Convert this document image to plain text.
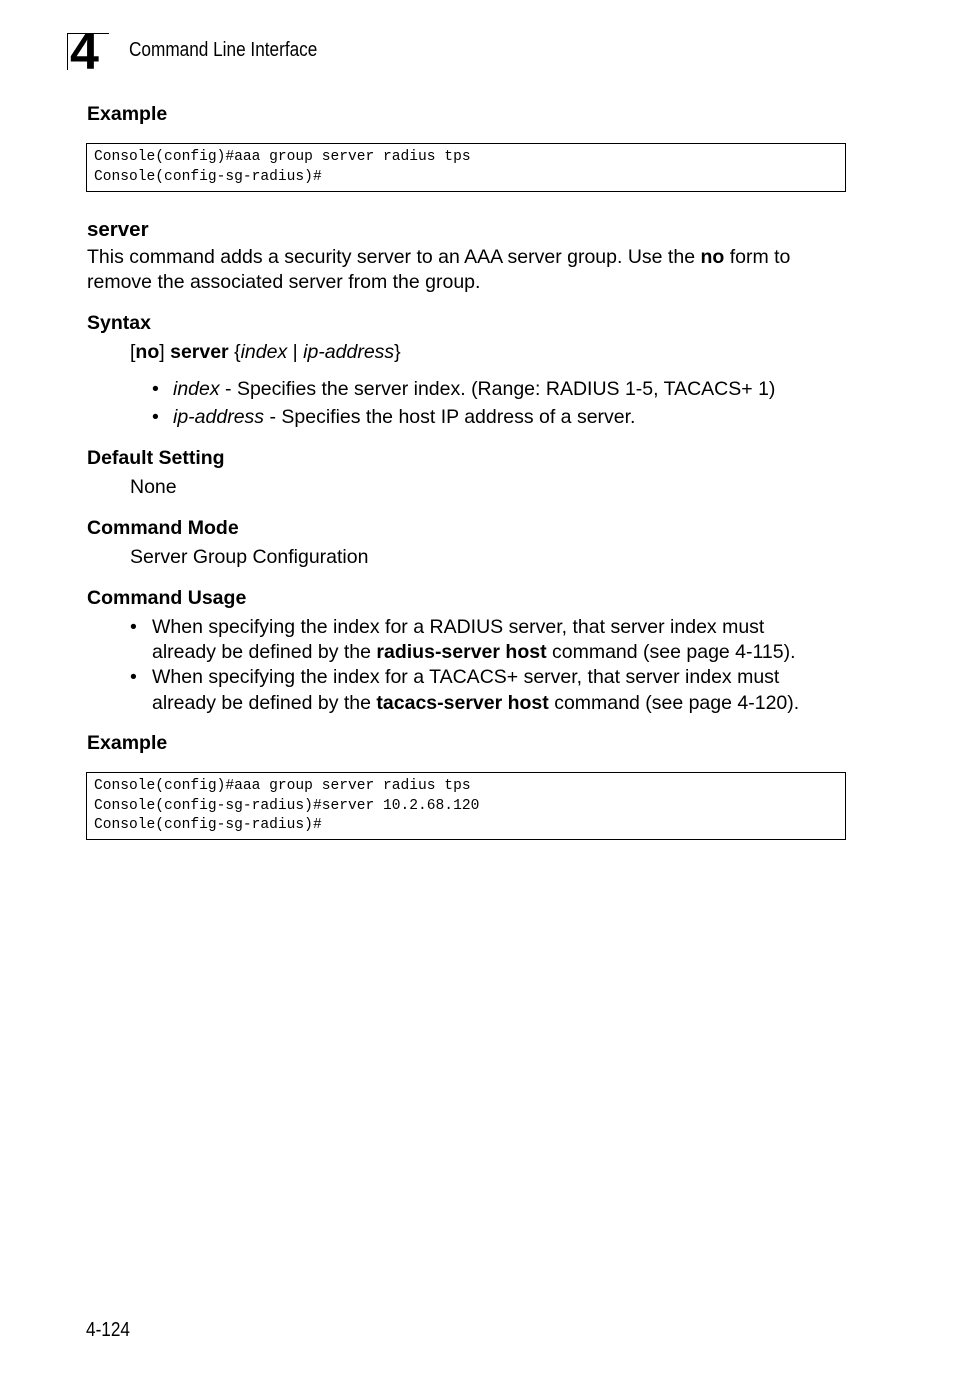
4 Command Line Interface
Example
Console(config)#aaa group server radius tps
Console(config-sg-radius)#
server
This command adds a security server to an AAA server group. Use the no form to
remove the associated server from the group.
Syntax
[no] server {index | ip-address}
• index - Specifies the server index. (Range: RADIUS 1-5, TACACS+ 1)
• ip-address - Specifies the host IP address of a server.
Default Setting
None
Command Mode
Server Group Configuration
Command Usage
• When specifying the index for a RADIUS server, that server index must
already be defined by the radius-server host command (see page 4-115).
• When specifying the index for a TACACS+ server, that server index must
already be defined by the tacacs-server host command (see page 4-120).
Example
Console(config)#aaa group server radius tps
Console(config-sg-radius)#server 10.2.68.120
Console(config-sg-radius)#
4-124
